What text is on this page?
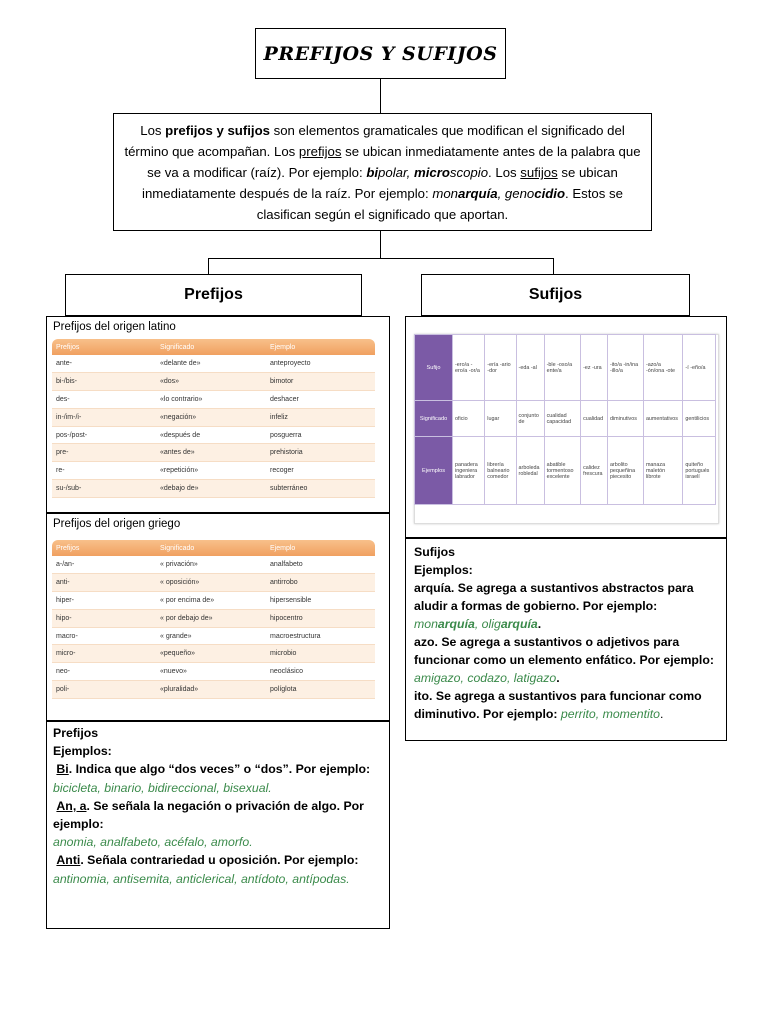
PREFIJOS Y SUFIJOS
Los prefijos y sufijos son elementos gramaticales que modifican el significado del término que acompañan. Los prefijos se ubican inmediatamente antes de la palabra que se va a modificar (raíz). Por ejemplo: bipolar, microscopio. Los sufijos se ubican inmediatamente después de la raíz. Por ejemplo: monarquía, genocidio. Estos se clasifican según el significado que aportan.
Prefijos	Sufijos
Prefijos del origen latino
Prefijos	Significado	Ejemplo
ante-	«delante de»	anteproyecto
bi-/bis-	«dos»	bimotor
des-	«lo contrario»	deshacer
in-/im-/i-	«negación»	infeliz
pos-/post-	«después de	posguerra
pre-	«antes de»	prehistoria
re-	«repetición»	recoger
su-/sub-	«debajo de»	subterráneo
Prefijos del origen griego
Prefijos	Significado	Ejemplo
a-/an-	« privación»	analfabeto
anti-	« oposición»	antirrobo
hiper-	« por encima de»	hipersensible
hipo-	« por debajo de»	hipocentro
macro-	« grande»	macroestructura
micro-	«pequeño»	microbio
neo-	«nuevo»	neoclásico
poli-	«pluralidad»	políglota
Prefijos
Ejemplos:
Bi. Indica que algo “dos veces” o “dos”. Por ejemplo:
bicicleta, binario, bidireccional, bisexual.
An, a. Se señala la negación o privación de algo. Por ejemplo:
anomia, analfabeto, acéfalo, amorfo.
Anti. Señala contrariedad u oposición. Por ejemplo:
antinomia, antisemita, anticlerical, antídoto, antípodas.
Sufijo	-ero/a -ero/a -or/a	-ería -ario -dor	-eda -al	-ble -oso/a ente/a	-ez -ura	-ito/a -in/ina -illo/a	-azo/a -ón/ona -ote	-í -eño/a
Significado	oficio	lugar	conjunto de	cualidad capacidad	cualidad	diminutivos	aumentativos	gentilicios
Ejemplos	panadera ingeniera labrador	librería balneario comedor	arboleda robledal	abatible tormentoso excelente	calidez frescura	arbolito pequeñina piecesito	manaza maletón librote	quiteño portugués israelí
Sufijos
Ejemplos:
arquía. Se agrega a sustantivos abstractos para aludir a formas de gobierno. Por ejemplo: monarquía, oligarquía.
azo. Se agrega a sustantivos o adjetivos para funcionar como un elemento enfático. Por ejemplo: amigazo, codazo, latigazo.
ito. Se agrega a sustantivos para funcionar como diminutivo. Por ejemplo: perrito, momentito.
